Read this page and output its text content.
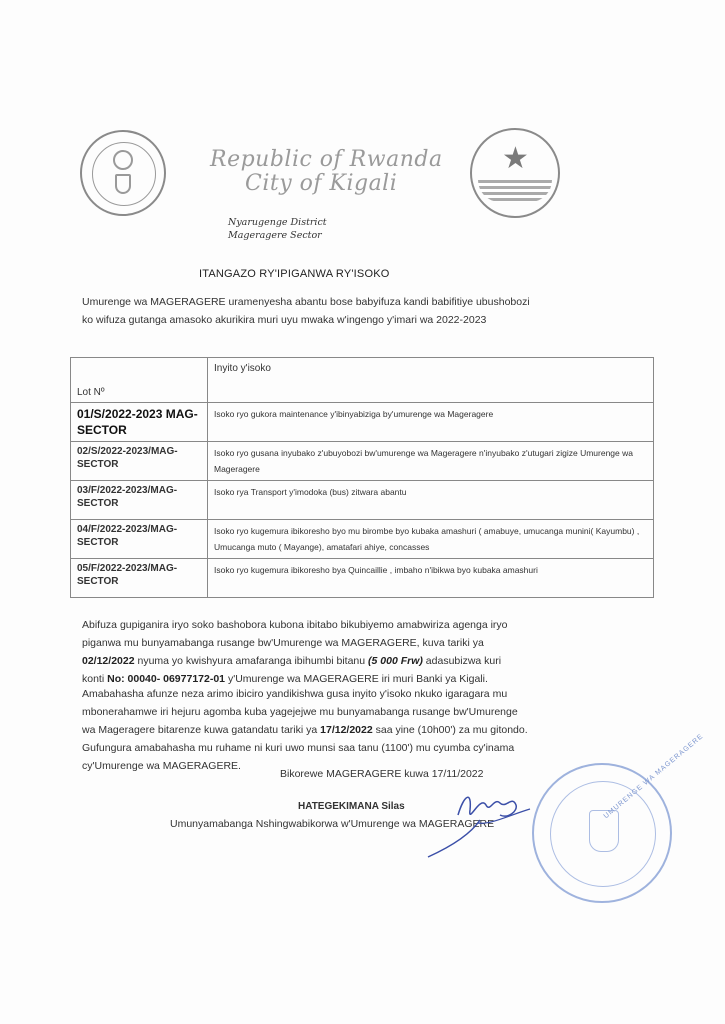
Republic of Rwanda
City of Kigali
Nyarugenge District
Mageragere Sector
★
ITANGAZO RY'IPIGANWA RY'ISOKO
Umurenge wa MAGERAGERE uramenyesha abantu bose babyifuza kandi babifitiye ubushobozi
ko wifuza gutanga amasoko akurikira muri uyu mwaka w'ingengo y'imari wa 2022-2023
Lot Nº	Inyito y'isoko
01/S/2022-2023 MAG-SECTOR	Isoko ryo gukora maintenance y'ibinyabiziga by'umurenge wa Mageragere
02/S/2022-2023/MAG-SECTOR	Isoko ryo gusana inyubako z'ubuyobozi bw'umurenge wa Mageragere n'inyubako z'utugari zigize Umurenge wa Mageragere
03/F/2022-2023/MAG-SECTOR	Isoko rya Transport y'imodoka (bus) zitwara abantu
04/F/2022-2023/MAG-SECTOR	Isoko ryo kugemura ibikoresho byo mu birombe byo kubaka amashuri ( amabuye, umucanga munini( Kayumbu) , Umucanga muto ( Mayange), amatafari ahiye, concasses
05/F/2022-2023/MAG-SECTOR	Isoko ryo kugemura ibikoresho bya Quincaillie , imbaho n'ibikwa byo kubaka amashuri
Abifuza gupiganira iryo soko bashobora kubona ibitabo bikubiyemo amabwiriza agenga iryo
piganwa mu bunyamabanga rusange bw'Umurenge wa MAGERAGERE, kuva tariki ya
02/12/2022 nyuma yo kwishyura amafaranga ibihumbi bitanu (5 000 Frw) adasubizwa kuri
konti No: 00040- 06977172-01 y'Umurenge wa MAGERAGERE iri muri Banki ya Kigali.
Amabahasha afunze neza arimo ibiciro yandikishwa gusa inyito y'isoko nkuko igaragara mu
mbonerahamwe iri hejuru agomba kuba yagejejwe mu bunyamabanga rusange bw'Umurenge
wa Mageragere bitarenze kuwa gatandatu tariki ya 17/12/2022 saa yine (10h00') za mu gitondo.
Gufungura amabahasha mu ruhame ni kuri uwo munsi saa tanu (1100') mu cyumba cy'inama
cy'Umurenge wa MAGERAGERE.
Bikorewe MAGERAGERE kuwa 17/11/2022
HATEGEKIMANA Silas
Umunyamabanga Nshingwabikorwa w'Umurenge wa MAGERAGERE
UMURENGE WA MAGERAGERE
